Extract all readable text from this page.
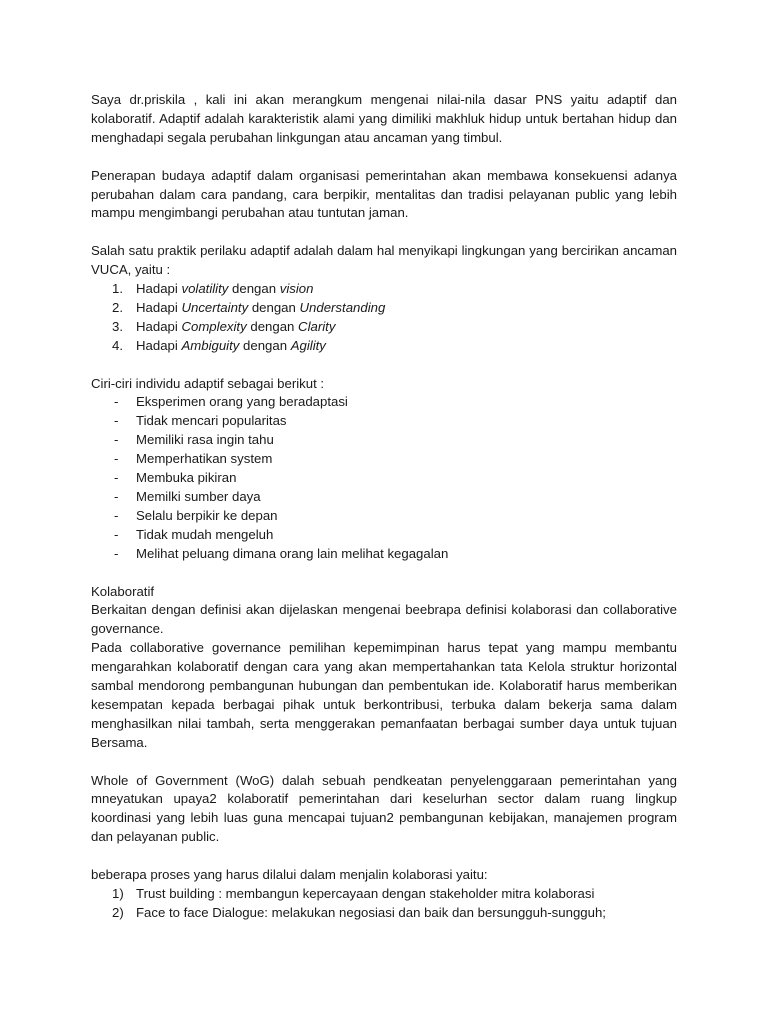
Saya dr.priskila , kali ini akan merangkum mengenai nilai-nila dasar PNS yaitu adaptif dan kolaboratif. Adaptif adalah karakteristik alami yang dimiliki makhluk hidup untuk bertahan hidup dan menghadapi segala perubahan linkgungan atau ancaman yang timbul.

Penerapan budaya adaptif dalam organisasi pemerintahan akan membawa konsekuensi adanya perubahan dalam cara pandang, cara berpikir, mentalitas dan tradisi pelayanan public yang lebih mampu mengimbangi perubahan atau tuntutan jaman.

Salah satu praktik perilaku adaptif adalah dalam hal menyikapi lingkungan yang bercirikan ancaman VUCA, yaitu :

1. Hadapi volatility dengan vision
2. Hadapi Uncertainty dengan Understanding
3. Hadapi Complexity dengan Clarity
4. Hadapi Ambiguity dengan Agility

Ciri-ciri individu adaptif sebagai berikut :

- Eksperimen orang yang beradaptasi
- Tidak mencari popularitas
- Memiliki rasa ingin tahu
- Memperhatikan system
- Membuka pikiran
- Memilki sumber daya
- Selalu berpikir ke depan
- Tidak mudah mengeluh
- Melihat peluang dimana orang lain melihat kegagalan

Kolaboratif

Berkaitan dengan definisi akan dijelaskan mengenai beebrapa definisi kolaborasi dan collaborative governance.

Pada collaborative governance pemilihan kepemimpinan harus tepat yang mampu membantu mengarahkan kolaboratif dengan cara yang akan mempertahankan tata Kelola struktur horizontal sambal mendorong pembangunan hubungan dan pembentukan ide. Kolaboratif harus memberikan kesempatan kepada berbagai pihak untuk berkontribusi, terbuka dalam bekerja sama dalam menghasilkan nilai tambah, serta menggerakan pemanfaatan berbagai sumber daya untuk tujuan Bersama.

Whole of Government (WoG) dalah sebuah pendkeatan penyelenggaraan pemerintahan yang mneyatukan upaya2 kolaboratif pemerintahan dari keselurhan sector dalam ruang lingkup koordinasi yang lebih luas guna mencapai tujuan2 pembangunan kebijakan, manajemen program dan pelayanan public.

beberapa proses yang harus dilalui dalam menjalin kolaborasi yaitu:

1) Trust building : membangun kepercayaan dengan stakeholder mitra kolaborasi
2) Face to face Dialogue: melakukan negosiasi dan baik dan bersungguh-sungguh;
